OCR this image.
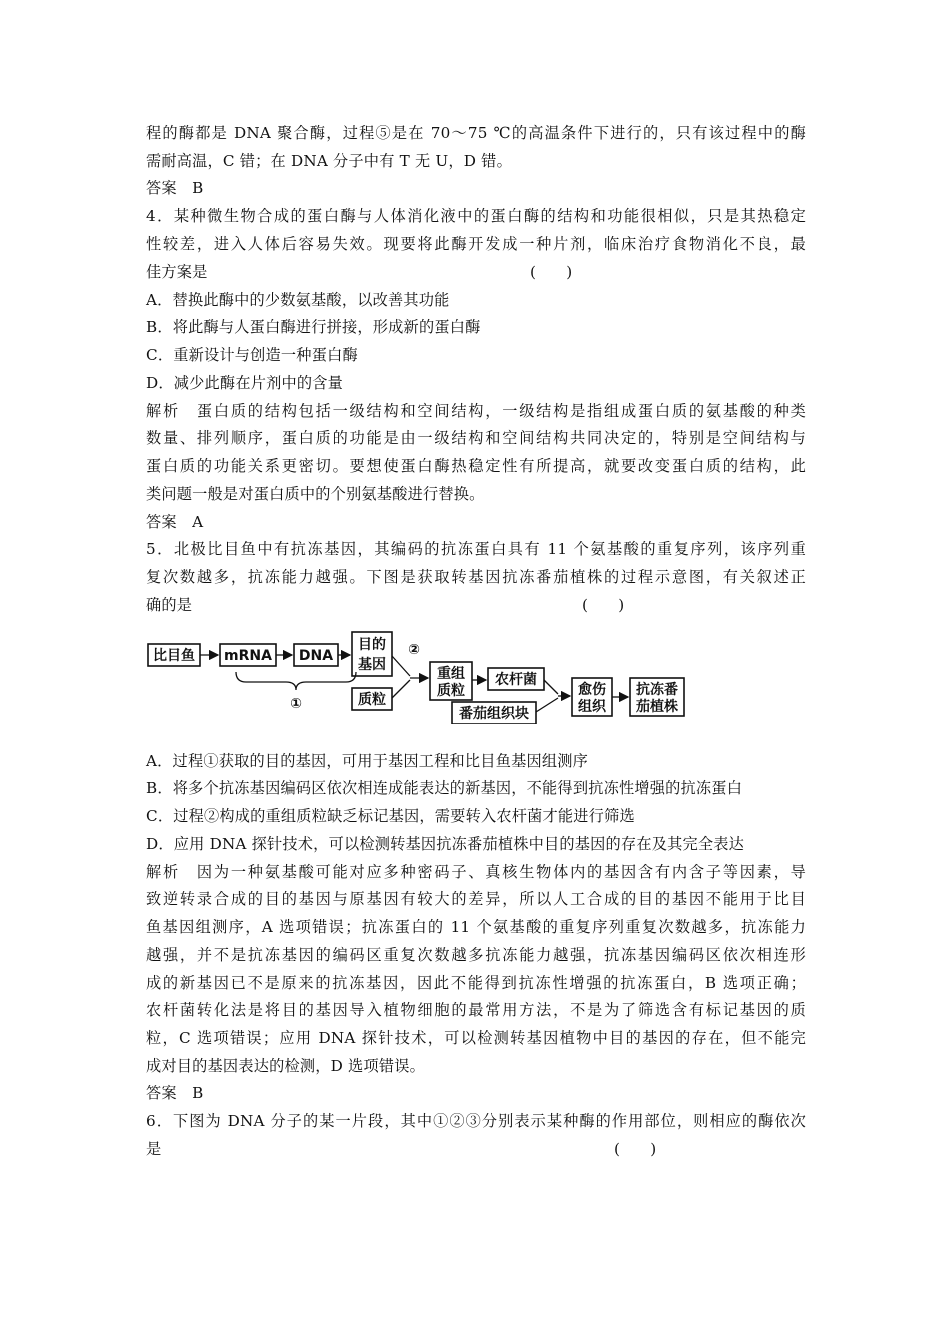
程的酶都是 DNA 聚合酶，过程⑤是在 70～75 ℃的高温条件下进行的，只有该过程中的酶
需耐高温，C 错；在 DNA 分子中有 T 无 U，D 错。
答案　B
4．某种微生物合成的蛋白酶与人体消化液中的蛋白酶的结构和功能很相似，只是其热稳定
性较差，进入人体后容易失效。现要将此酶开发成一种片剂，临床治疗食物消化不良，最
佳方案是	(　　)
A．替换此酶中的少数氨基酸，以改善其功能
B．将此酶与人蛋白酶进行拼接，形成新的蛋白酶
C．重新设计与创造一种蛋白酶
D．减少此酶在片剂中的含量
解析　蛋白质的结构包括一级结构和空间结构，一级结构是指组成蛋白质的氨基酸的种类
数量、排列顺序，蛋白质的功能是由一级结构和空间结构共同决定的，特别是空间结构与
蛋白质的功能关系更密切。要想使蛋白酶热稳定性有所提高，就要改变蛋白质的结构，此
类问题一般是对蛋白质中的个别氨基酸进行替换。
答案　A
5．北极比目鱼中有抗冻基因，其编码的抗冻蛋白具有 11 个氨基酸的重复序列，该序列重
复次数越多，抗冻能力越强。下图是获取转基因抗冻番茄植株的过程示意图，有关叙述正
确的是	(　　)
比目鱼 mRNA DNA
目的
基因
①	质粒
②
重组
质粒
农杆菌
番茄组织块
愈伤
组织
抗冻番
茄植株
A．过程①获取的目的基因，可用于基因工程和比目鱼基因组测序
B．将多个抗冻基因编码区依次相连成能表达的新基因，不能得到抗冻性增强的抗冻蛋白
C．过程②构成的重组质粒缺乏标记基因，需要转入农杆菌才能进行筛选
D．应用 DNA 探针技术，可以检测转基因抗冻番茄植株中目的基因的存在及其完全表达
解析　因为一种氨基酸可能对应多种密码子、真核生物体内的基因含有内含子等因素，导
致逆转录合成的目的基因与原基因有较大的差异，所以人工合成的目的基因不能用于比目
鱼基因组测序，A 选项错误；抗冻蛋白的 11 个氨基酸的重复序列重复次数越多，抗冻能力
越强，并不是抗冻基因的编码区重复次数越多抗冻能力越强，抗冻基因编码区依次相连形
成的新基因已不是原来的抗冻基因，因此不能得到抗冻性增强的抗冻蛋白，B 选项正确；
农杆菌转化法是将目的基因导入植物细胞的最常用方法，不是为了筛选含有标记基因的质
粒，C 选项错误；应用 DNA 探针技术，可以检测转基因植物中目的基因的存在，但不能完
成对目的基因表达的检测，D 选项错误。
答案　B
6．下图为 DNA 分子的某一片段，其中①②③分别表示某种酶的作用部位，则相应的酶依次
是	(　　)
